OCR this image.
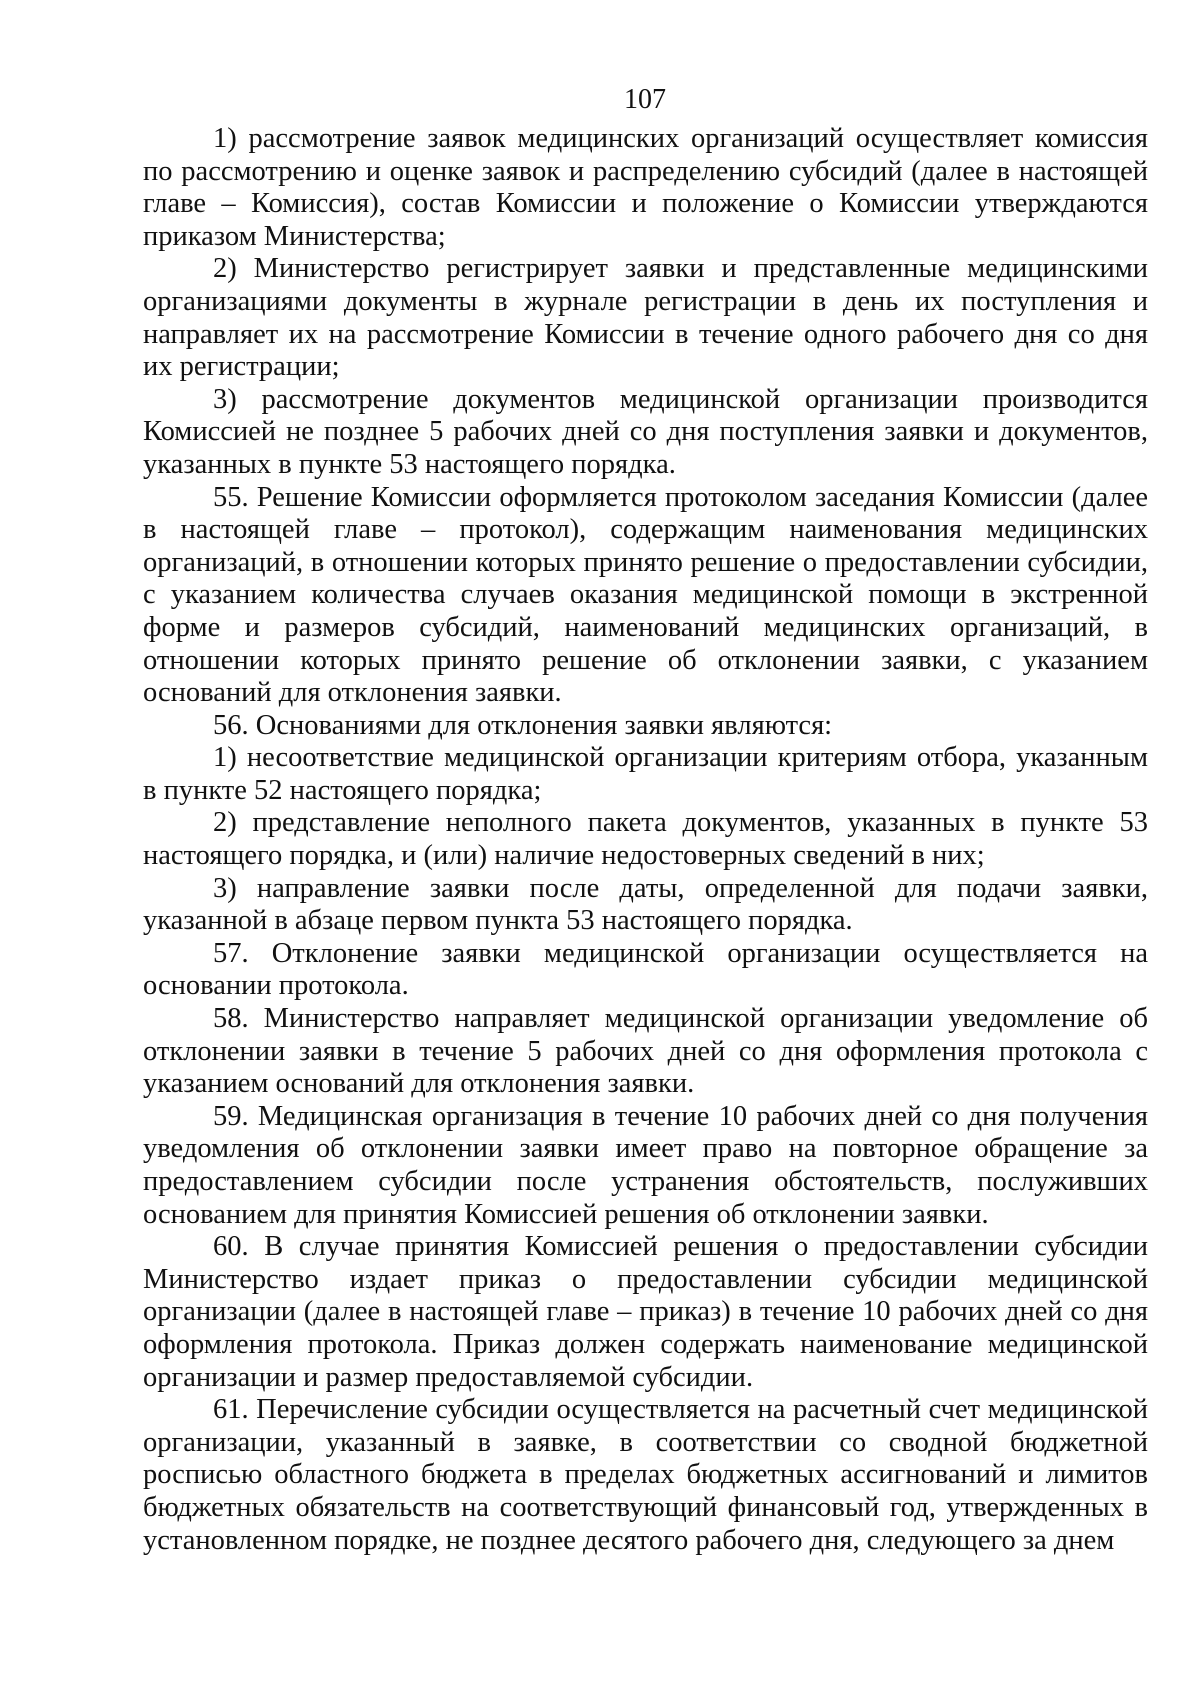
107

1) рассмотрение заявок медицинских организаций осуществляет комиссия по рассмотрению и оценке заявок и распределению субсидий (далее в настоящей главе – Комиссия), состав Комиссии и положение о Комиссии утверждаются приказом Министерства;

2) Министерство регистрирует заявки и представленные медицинскими организациями документы в журнале регистрации в день их поступления и направляет их на рассмотрение Комиссии в течение одного рабочего дня со дня их регистрации;

3) рассмотрение документов медицинской организации производится Комиссией не позднее 5 рабочих дней со дня поступления заявки и документов, указанных в пункте 53 настоящего порядка.

55. Решение Комиссии оформляется протоколом заседания Комиссии (далее в настоящей главе – протокол), содержащим наименования медицинских организаций, в отношении которых принято решение о предоставлении субсидии, с указанием количества случаев оказания медицинской помощи в экстренной форме и размеров субсидий, наименований медицинских организаций, в отношении которых принято решение об отклонении заявки, с указанием оснований для отклонения заявки.

56. Основаниями для отклонения заявки являются:

1) несоответствие медицинской организации критериям отбора, указанным в пункте 52 настоящего порядка;

2) представление неполного пакета документов, указанных в пункте 53 настоящего порядка, и (или) наличие недостоверных сведений в них;

3) направление заявки после даты, определенной для подачи заявки, указанной в абзаце первом пункта 53 настоящего порядка.

57. Отклонение заявки медицинской организации осуществляется на основании протокола.

58. Министерство направляет медицинской организации уведомление об отклонении заявки в течение 5 рабочих дней со дня оформления протокола с указанием оснований для отклонения заявки.

59. Медицинская организация в течение 10 рабочих дней со дня получения уведомления об отклонении заявки имеет право на повторное обращение за предоставлением субсидии после устранения обстоятельств, послуживших основанием для принятия Комиссией решения об отклонении заявки.

60. В случае принятия Комиссией решения о предоставлении субсидии Министерство издает приказ о предоставлении субсидии медицинской организации (далее в настоящей главе – приказ) в течение 10 рабочих дней со дня оформления протокола. Приказ должен содержать наименование медицинской организации и размер предоставляемой субсидии.

61. Перечисление субсидии осуществляется на расчетный счет медицинской организации, указанный в заявке, в соответствии со сводной бюджетной росписью областного бюджета в пределах бюджетных ассигнований и лимитов бюджетных обязательств на соответствующий финансовый год, утвержденных в установленном порядке, не позднее десятого рабочего дня, следующего за днем
